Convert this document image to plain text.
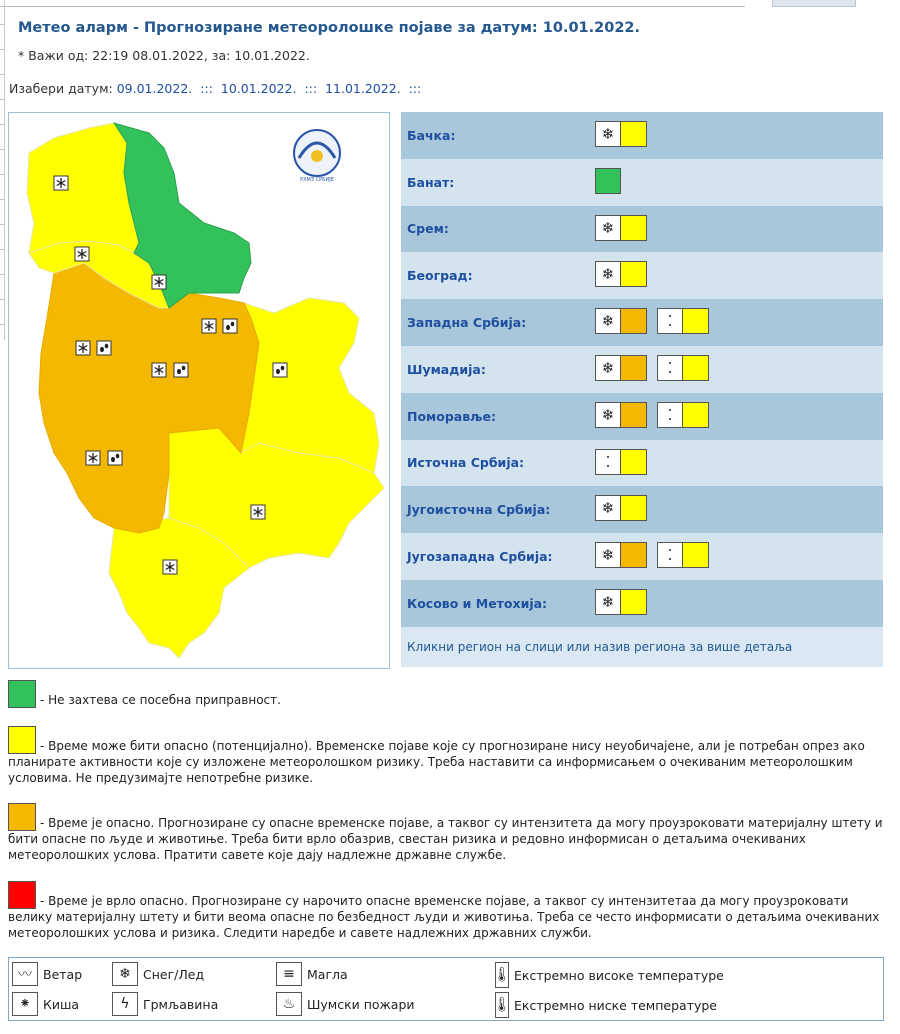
Метео аларм - Прогнозиране метеоролошке појаве за датум: 10.01.2022.
* Важи од: 22:19 08.01.2022, за: 10.01.2022.
Изабери датум: 09.01.2022. ::: 10.01.2022. ::: 11.01.2022. :::
РХМЗ СРБИЈЕ
Бачка:	❄
Банат:
Срем:	❄
Београд:	❄
Западна Србија:	❄	⁚
Шумадија:	❄	⁚
Поморавље:	❄	⁚
Источна Србија:	⁚
Југоисточна Србија:	❄
Југозападна Србија:	❄	⁚
Косово и Метохија:	❄
Кликни регион на слици или назив региона за више детаља
- Не захтева се посебна приправност.
- Време може бити опасно (потенцијално). Временске појаве које су прогнозиране нису неуобичајене, али је потребан опрез ако планирате активности које су изложене метеоролошком ризику. Треба наставити са информисањем о очекиваним метеоролошким условима. Не предузимајте непотребне ризике.
- Време је опасно. Прогнозиране су опасне временске појаве, а таквог су интензитета да могу проузроковати материјалну штету и бити опасне по људе и животиње. Треба бити врло обазрив, свестан ризика и редовно информисан о детаљима очекиваних метеоролошких услова. Пратити савете које дају надлежне државне службе.
- Време је врло опасно. Прогнозиране су нарочито опасне временске појаве, а таквог су интензитетаа да могу проузроковати велику материјалну штету и бити веома опасне по безбедност људи и животиња. Треба се често информисати о детаљима очекиваних метеоролошких услова и ризика. Следити наредбе и савете надлежних државних служби.
〰 Ветар	❄ Снег/Лед	≡ Магла	🌡 Екстремно високе температуре
⁕ Киша	ϟ	Грмљавина	♨ Шумски пожари	🌡 Екстремно ниске температуре
